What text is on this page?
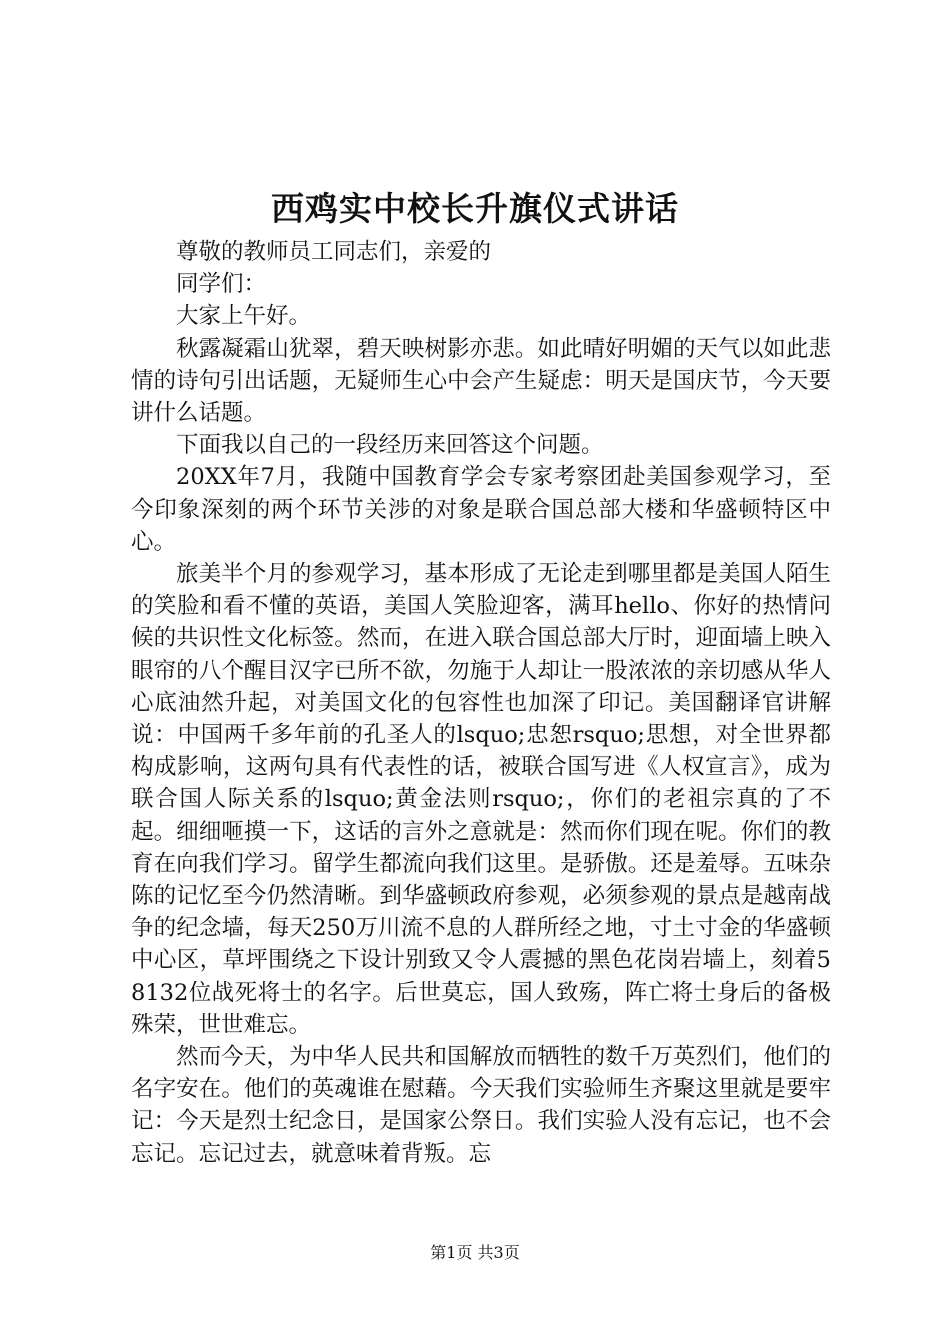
西鸡实中校长升旗仪式讲话

尊敬的教师员工同志们，亲爱的

同学们：

大家上午好。

秋露凝霜山犹翠，碧天映树影亦悲。如此晴好明媚的天气以如此悲情的诗句引出话题，无疑师生心中会产生疑虑：明天是国庆节，今天要讲什么话题。

下面我以自己的一段经历来回答这个问题。

20XX年7月，我随中国教育学会专家考察团赴美国参观学习，至今印象深刻的两个环节关涉的对象是联合国总部大楼和华盛顿特区中心。

旅美半个月的参观学习，基本形成了无论走到哪里都是美国人陌生的笑脸和看不懂的英语，美国人笑脸迎客，满耳hello、你好的热情问候的共识性文化标签。然而，在进入联合国总部大厅时，迎面墙上映入眼帘的八个醒目汉字已所不欲，勿施于人却让一股浓浓的亲切感从华人心底油然升起，对美国文化的包容性也加深了印记。美国翻译官讲解说：中国两千多年前的孔圣人的lsquo;忠恕rsquo;思想，对全世界都构成影响，这两句具有代表性的话，被联合国写进《人权宣言》，成为联合国人际关系的lsquo;黄金法则rsquo;，你们的老祖宗真的了不起。细细咂摸一下，这话的言外之意就是：然而你们现在呢。你们的教育在向我们学习。留学生都流向我们这里。是骄傲。还是羞辱。五味杂陈的记忆至今仍然清晰。到华盛顿政府参观，必须参观的景点是越南战争的纪念墙，每天250万川流不息的人群所经之地，寸土寸金的华盛顿中心区，草坪围绕之下设计别致又令人震撼的黑色花岗岩墙上，刻着58132位战死将士的名字。后世莫忘，国人致殇，阵亡将士身后的备极殊荣，世世难忘。

然而今天，为中华人民共和国解放而牺牲的数千万英烈们，他们的名字安在。他们的英魂谁在慰藉。今天我们实验师生齐聚这里就是要牢记：今天是烈士纪念日，是国家公祭日。我们实验人没有忘记，也不会忘记。忘记过去，就意味着背叛。忘

第1页 共3页
